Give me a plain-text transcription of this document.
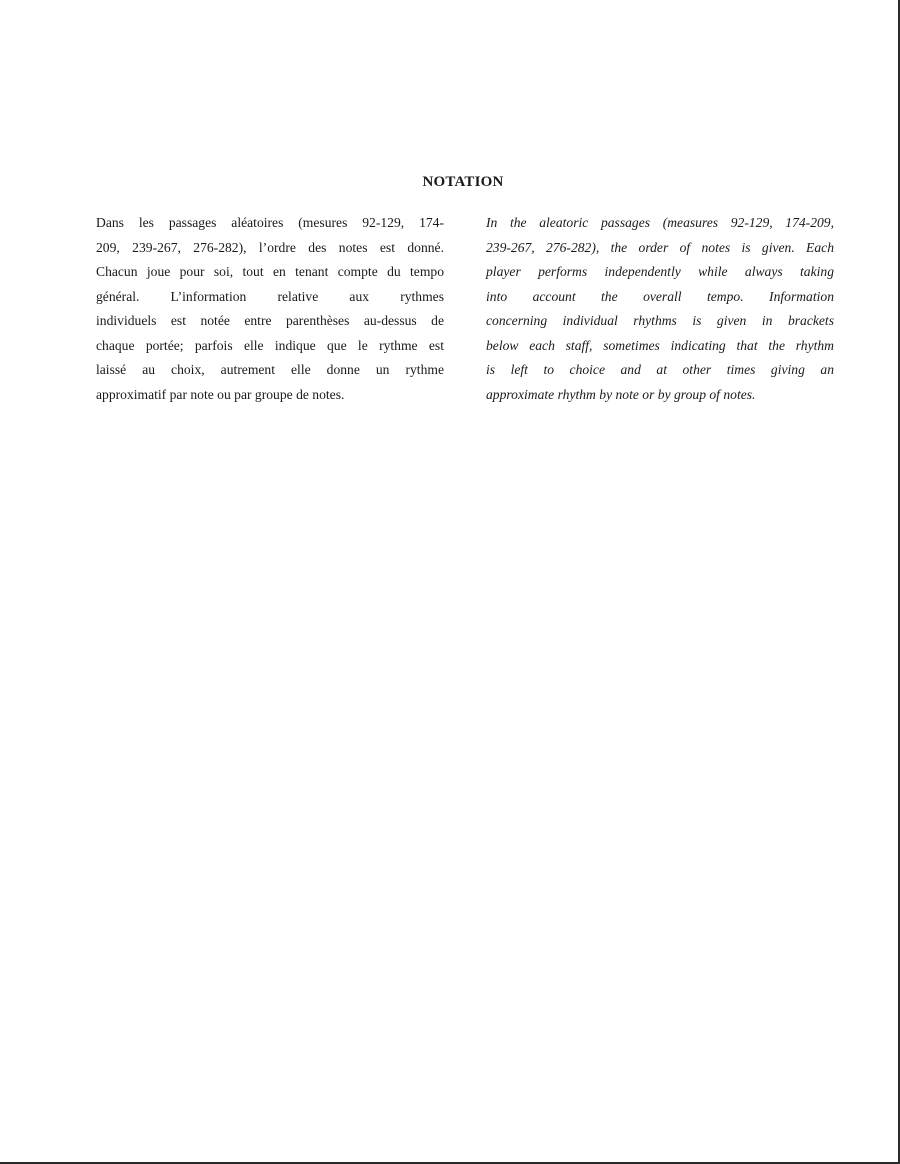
NOTATION
Dans les passages aléatoires (mesures 92-129, 174-
209, 239-267, 276-282), l’ordre des notes est donné.
Chacun joue pour soi, tout en tenant compte du tempo
général. L’information relative aux rythmes
individuels est notée entre parenthèses au-dessus de
chaque portée; parfois elle indique que le rythme est
laissé au choix, autrement elle donne un rythme
approximatif par note ou par groupe de notes.
In the aleatoric passages (measures 92-129, 174-209,
239-267, 276-282), the order of notes is given. Each
player performs independently while always taking
into account the overall tempo. Information
concerning individual rhythms is given in brackets
below each staff, sometimes indicating that the rhythm
is left to choice and at other times giving an
approximate rhythm by note or by group of notes.
